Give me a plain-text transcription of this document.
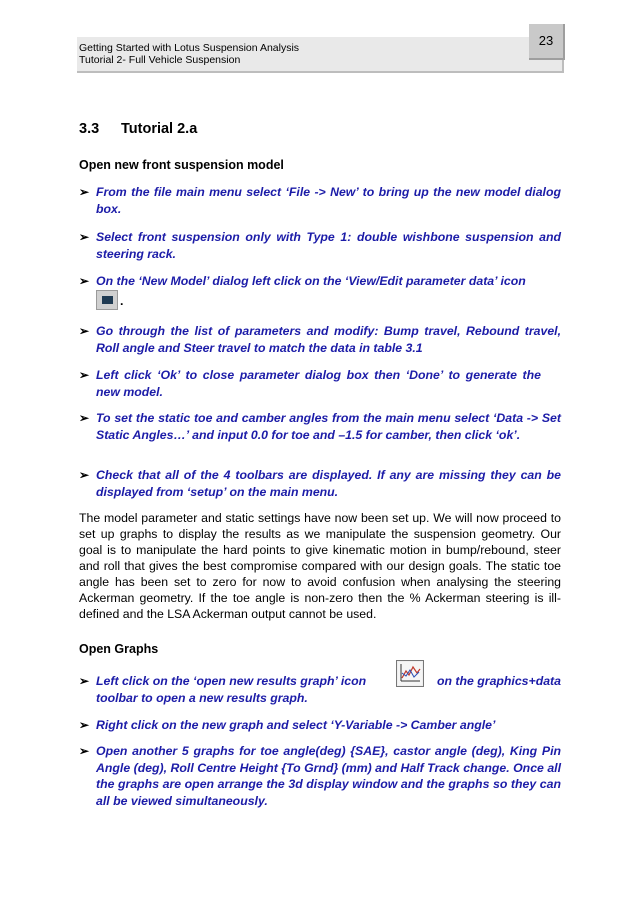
Getting Started with Lotus Suspension Analysis
Tutorial 2- Full Vehicle Suspension
23
3.3 Tutorial 2.a
Open new front suspension model
➢ From the file main menu select ‘File -> New’ to bring up the new model dialog box.
➢ Select front suspension only with Type 1: double wishbone suspension and steering rack.
➢ On the ‘New Model’ dialog left click on the ‘View/Edit parameter data’ icon

.
➢ Go through the list of parameters and modify: Bump travel, Rebound travel, Roll angle and Steer travel to match the data in table 3.1
➢ Left click ‘Ok’ to close parameter dialog box then ‘Done’ to generate the new model.
➢ To set the static toe and camber angles from the main menu select ‘Data -> Set Static Angles…’ and input 0.0 for toe and –1.5 for camber, then click ‘ok’.
➢ Check that all of the 4 toolbars are displayed. If any are missing they can be displayed from ‘setup’ on the main menu.
The model parameter and static settings have now been set up. We will now proceed to set up graphs to display the results as we manipulate the suspension geometry. Our goal is to manipulate the hard points to give kinematic motion in bump/rebound, steer and roll that gives the best compromise compared with our design goals. The static toe angle has been set to zero for now to avoid confusion when analysing the steering Ackerman geometry. If the toe angle is non-zero then the % Ackerman steering is ill-defined and the LSA Ackerman output cannot be used.
Open Graphs
➢ Left click on the ‘open new results graph’ icon	on the graphics+data

toolbar to open a new results graph.
➢ Right click on the new graph and select ‘Y-Variable -> Camber angle’
➢ Open another 5 graphs for toe angle(deg) {SAE}, castor angle (deg), King Pin Angle (deg), Roll Centre Height {To Grnd} (mm) and Half Track change. Once all the graphs are open arrange the 3d display window and the graphs so they can all be viewed simultaneously.
